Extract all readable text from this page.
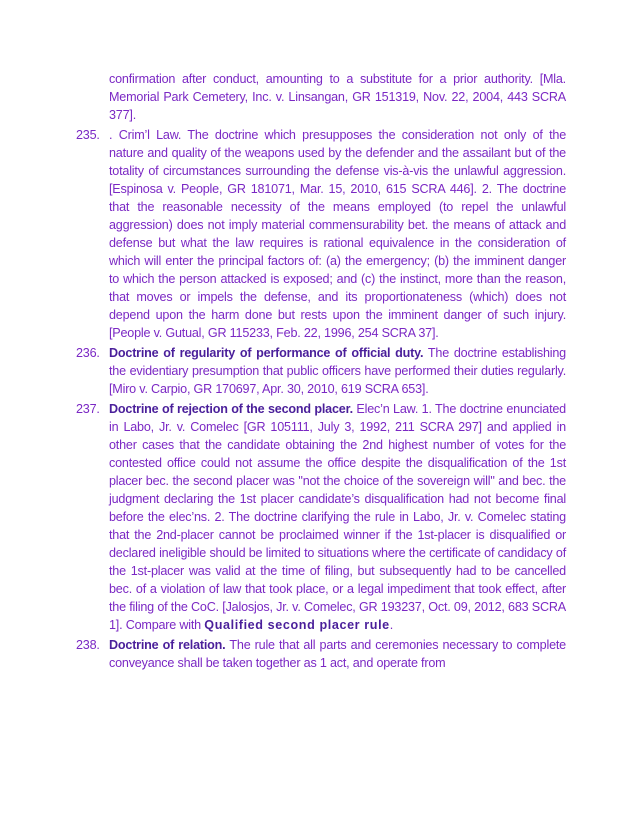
confirmation after conduct, amounting to a substitute for a prior authority. [Mla. Memorial Park Cemetery, Inc. v. Linsangan, GR 151319, Nov. 22, 2004, 443 SCRA 377].

235. . Crim’l Law. The doctrine which presupposes the consideration not only of the nature and quality of the weapons used by the defender and the assailant but of the totality of circumstances surrounding the defense vis-à-vis the unlawful aggression. [Espinosa v. People, GR 181071, Mar. 15, 2010, 615 SCRA 446]. 2. The doctrine that the reasonable necessity of the means employed (to repel the unlawful aggression) does not imply material commensurability bet. the means of attack and defense but what the law requires is rational equivalence in the consideration of which will enter the principal factors of: (a) the emergency; (b) the imminent danger to which the person attacked is exposed; and (c) the instinct, more than the reason, that moves or impels the defense, and its proportionateness (which) does not depend upon the harm done but rests upon the imminent danger of such injury. [People v. Gutual, GR 115233, Feb. 22, 1996, 254 SCRA 37].

236. Doctrine of regularity of performance of official duty. The doctrine establishing the evidentiary presumption that public officers have performed their duties regularly. [Miro v. Carpio, GR 170697, Apr. 30, 2010, 619 SCRA 653].

237. Doctrine of rejection of the second placer. Elec’n Law. 1. The doctrine enunciated in Labo, Jr. v. Comelec [GR 105111, July 3, 1992, 211 SCRA 297] and applied in other cases that the candidate obtaining the 2nd highest number of votes for the contested office could not assume the office despite the disqualification of the 1st placer bec. the second placer was "not the choice of the sovereign will" and bec. the judgment declaring the 1st placer candidate’s disqualification had not become final before the elec’ns. 2. The doctrine clarifying the rule in Labo, Jr. v. Comelec stating that the 2nd-placer cannot be proclaimed winner if the 1st-placer is disqualified or declared ineligible should be limited to situations where the certificate of candidacy of the 1st-placer was valid at the time of filing, but subsequently had to be cancelled bec. of a violation of law that took place, or a legal impediment that took effect, after the filing of the CoC. [Jalosjos, Jr. v. Comelec, GR 193237, Oct. 09, 2012, 683 SCRA 1]. Compare with Qualified second placer rule.

238. Doctrine of relation. The rule that all parts and ceremonies necessary to complete conveyance shall be taken together as 1 act, and operate from
